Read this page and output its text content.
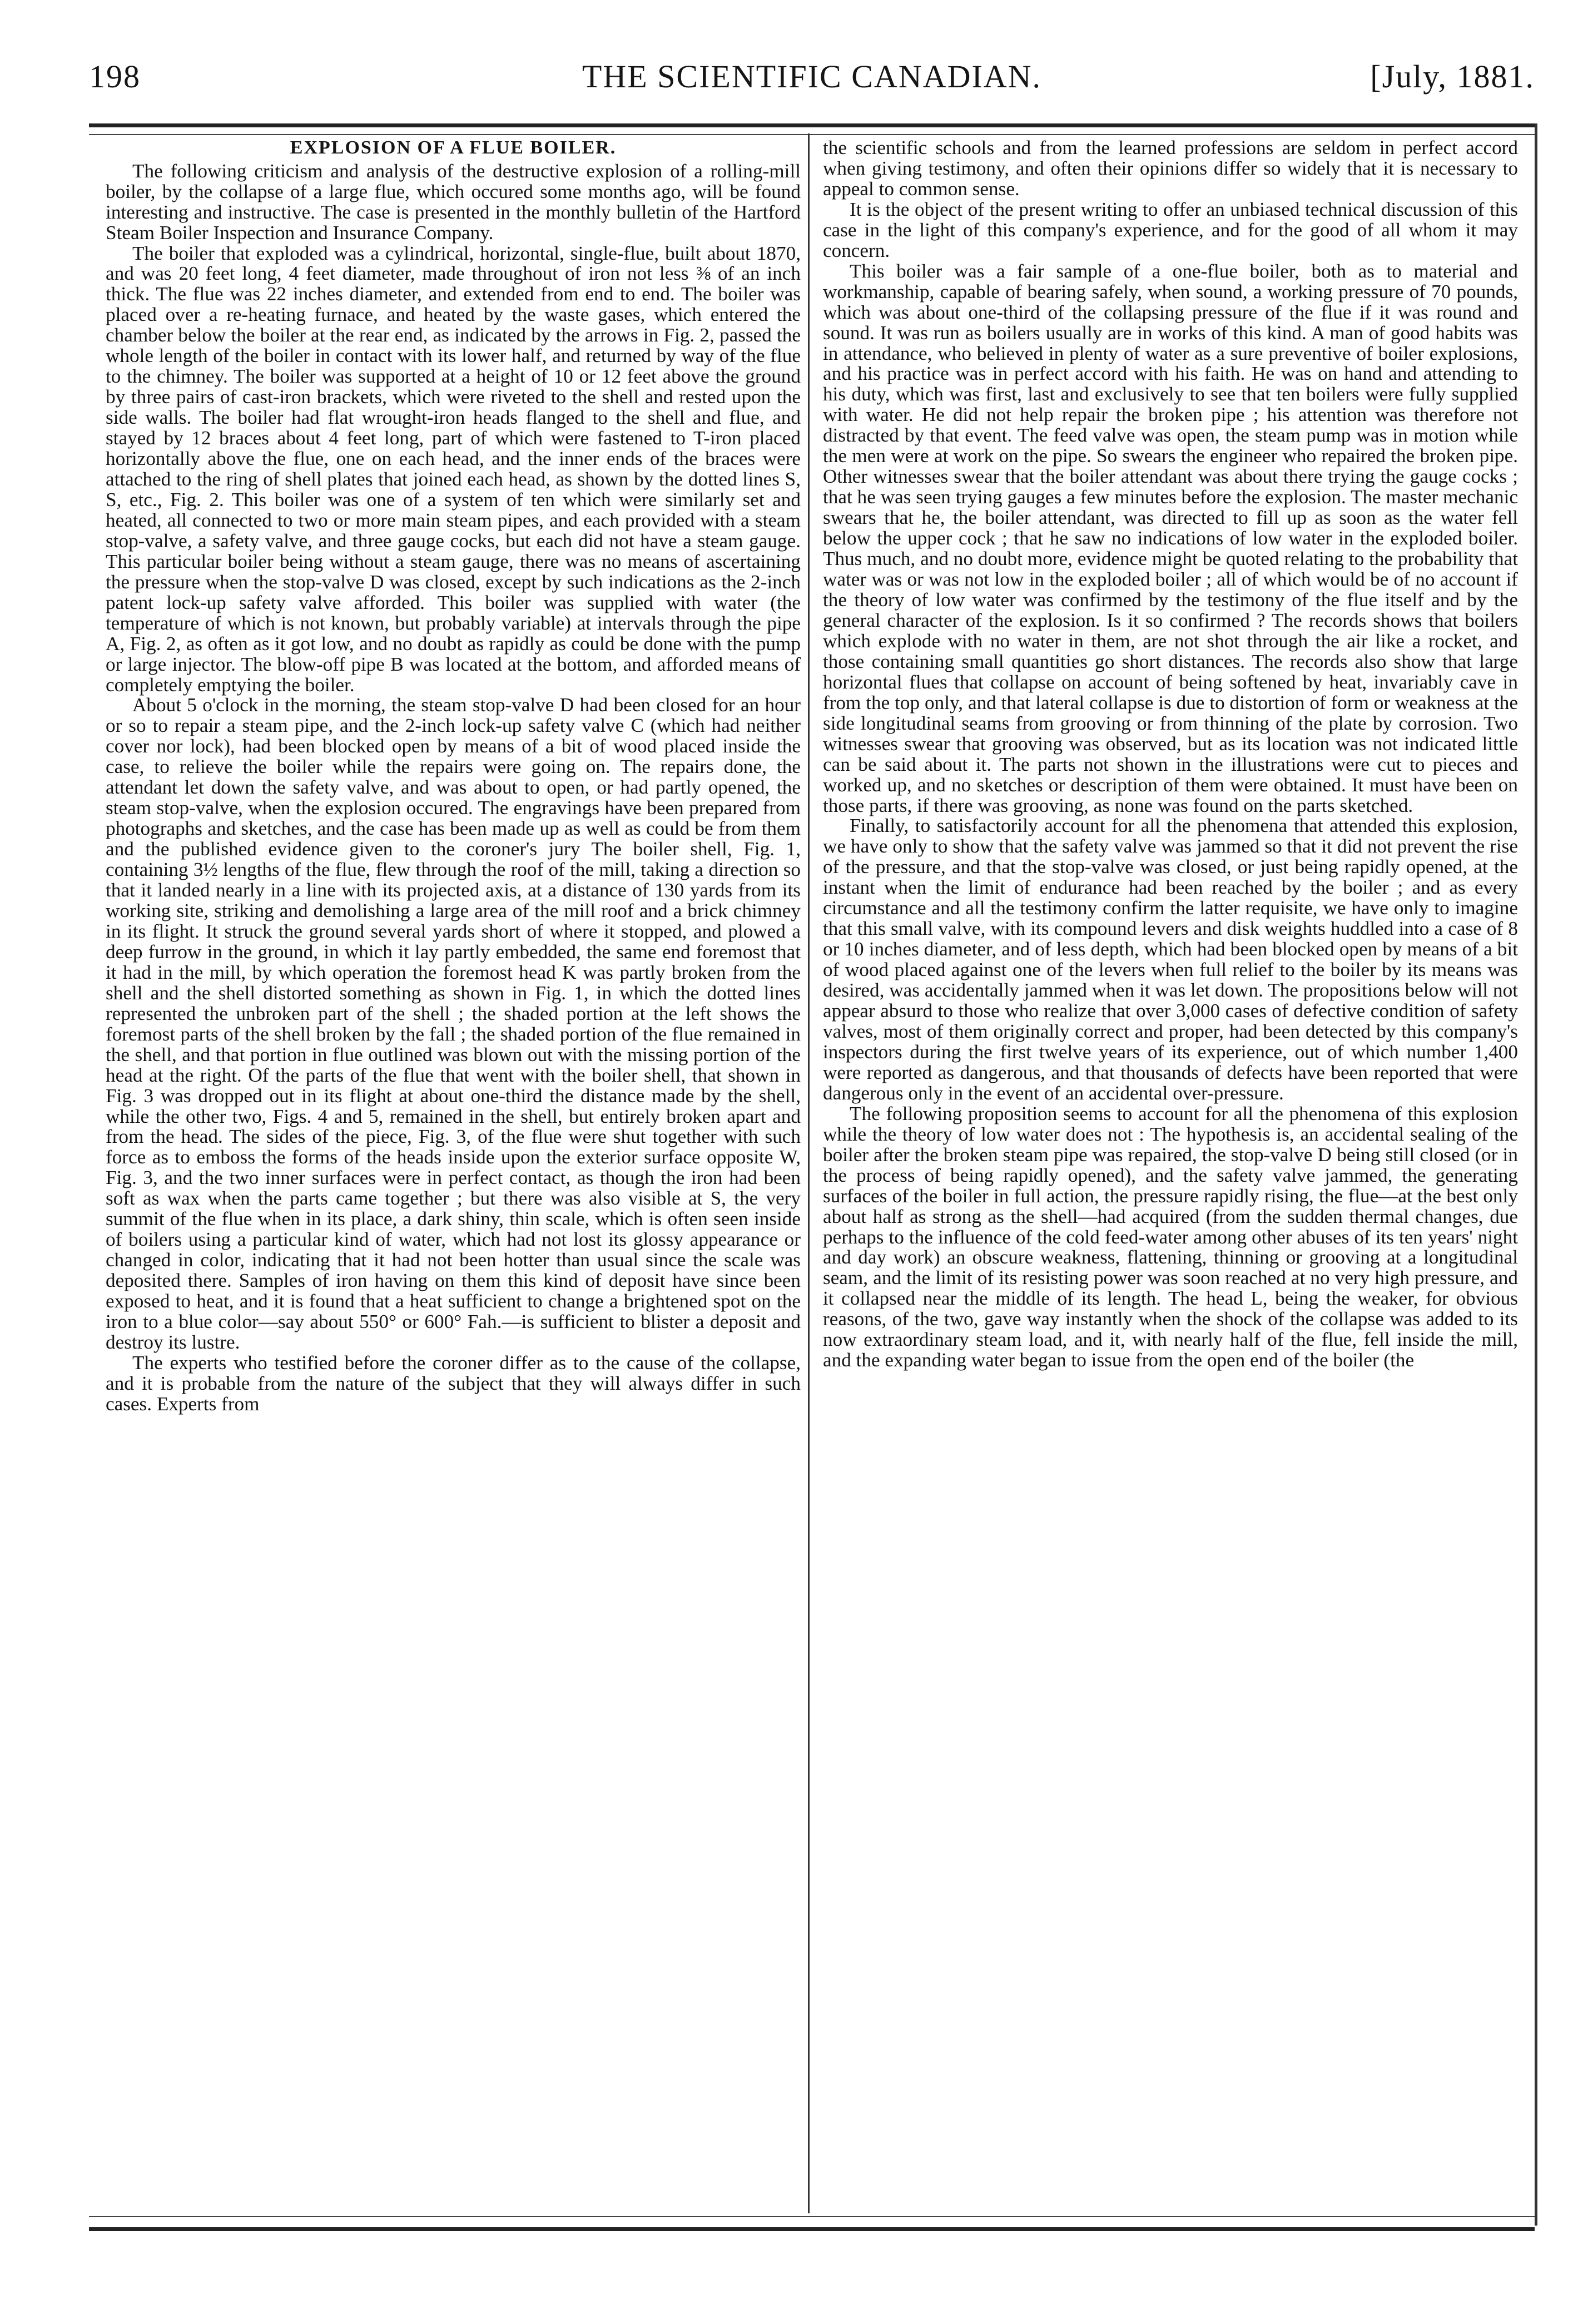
198	THE SCIENTIFIC CANADIAN.	[July, 1881.
EXPLOSION OF A FLUE BOILER.

The following criticism and analysis of the destructive explosion of a rolling-mill boiler, by the collapse of a large flue, which occured some months ago, will be found interesting and instructive. The case is presented in the monthly bulletin of the Hartford Steam Boiler Inspection and Insurance Company.

The boiler that exploded was a cylindrical, horizontal, single-flue, built about 1870, and was 20 feet long, 4 feet diameter, made throughout of iron not less ⅜ of an inch thick. The flue was 22 inches diameter, and extended from end to end. The boiler was placed over a re-heating furnace, and heated by the waste gases, which entered the chamber below the boiler at the rear end, as indicated by the arrows in Fig. 2, passed the whole length of the boiler in contact with its lower half, and returned by way of the flue to the chimney. The boiler was supported at a height of 10 or 12 feet above the ground by three pairs of cast-iron brackets, which were riveted to the shell and rested upon the side walls. The boiler had flat wrought-iron heads flanged to the shell and flue, and stayed by 12 braces about 4 feet long, part of which were fastened to T-iron placed horizontally above the flue, one on each head, and the inner ends of the braces were attached to the ring of shell plates that joined each head, as shown by the dotted lines S, S, etc., Fig. 2. This boiler was one of a system of ten which were similarly set and heated, all connected to two or more main steam pipes, and each provided with a steam stop-valve, a safety valve, and three gauge cocks, but each did not have a steam gauge. This particular boiler being without a steam gauge, there was no means of ascertaining the pressure when the stop-valve D was closed, except by such indications as the 2-inch patent lock-up safety valve afforded. This boiler was supplied with water (the temperature of which is not known, but probably variable) at intervals through the pipe A, Fig. 2, as often as it got low, and no doubt as rapidly as could be done with the pump or large injector. The blow-off pipe B was located at the bottom, and afforded means of completely emptying the boiler.

About 5 o'clock in the morning, the steam stop-valve D had been closed for an hour or so to repair a steam pipe, and the 2-inch lock-up safety valve C (which had neither cover nor lock), had been blocked open by means of a bit of wood placed inside the case, to relieve the boiler while the repairs were going on. The repairs done, the attendant let down the safety valve, and was about to open, or had partly opened, the steam stop-valve, when the explosion occured. The engravings have been prepared from photographs and sketches, and the case has been made up as well as could be from them and the published evidence given to the coroner's jury The boiler shell, Fig. 1, containing 3½ lengths of the flue, flew through the roof of the mill, taking a direction so that it landed nearly in a line with its projected axis, at a distance of 130 yards from its working site, striking and demolishing a large area of the mill roof and a brick chimney in its flight. It struck the ground several yards short of where it stopped, and plowed a deep furrow in the ground, in which it lay partly embedded, the same end foremost that it had in the mill, by which operation the foremost head K was partly broken from the shell and the shell distorted something as shown in Fig. 1, in which the dotted lines represented the unbroken part of the shell ; the shaded portion at the left shows the foremost parts of the shell broken by the fall ; the shaded portion of the flue remained in the shell, and that portion in flue outlined was blown out with the missing portion of the head at the right. Of the parts of the flue that went with the boiler shell, that shown in Fig. 3 was dropped out in its flight at about one-third the distance made by the shell, while the other two, Figs. 4 and 5, remained in the shell, but entirely broken apart and from the head. The sides of the piece, Fig. 3, of the flue were shut together with such force as to emboss the forms of the heads inside upon the exterior surface opposite W, Fig. 3, and the two inner surfaces were in perfect contact, as though the iron had been soft as wax when the parts came together ; but there was also visible at S, the very summit of the flue when in its place, a dark shiny, thin scale, which is often seen inside of boilers using a particular kind of water, which had not lost its glossy appearance or changed in color, indicating that it had not been hotter than usual since the scale was deposited there. Samples of iron having on them this kind of deposit have since been exposed to heat, and it is found that a heat sufficient to change a brightened spot on the iron to a blue color—say about 550° or 600° Fah.—is sufficient to blister a deposit and destroy its lustre.

The experts who testified before the coroner differ as to the cause of the collapse, and it is probable from the nature of the subject that they will always differ in such cases. Experts from

the scientific schools and from the learned professions are seldom in perfect accord when giving testimony, and often their opinions differ so widely that it is necessary to appeal to common sense.

It is the object of the present writing to offer an unbiased technical discussion of this case in the light of this company's experience, and for the good of all whom it may concern.

This boiler was a fair sample of a one-flue boiler, both as to material and workmanship, capable of bearing safely, when sound, a working pressure of 70 pounds, which was about one-third of the collapsing pressure of the flue if it was round and sound. It was run as boilers usually are in works of this kind. A man of good habits was in attendance, who believed in plenty of water as a sure preventive of boiler explosions, and his practice was in perfect accord with his faith. He was on hand and attending to his duty, which was first, last and exclusively to see that ten boilers were fully supplied with water. He did not help repair the broken pipe ; his attention was therefore not distracted by that event. The feed valve was open, the steam pump was in motion while the men were at work on the pipe. So swears the engineer who repaired the broken pipe. Other witnesses swear that the boiler attendant was about there trying the gauge cocks ; that he was seen trying gauges a few minutes before the explosion. The master mechanic swears that he, the boiler attendant, was directed to fill up as soon as the water fell below the upper cock ; that he saw no indications of low water in the exploded boiler. Thus much, and no doubt more, evidence might be quoted relating to the probability that water was or was not low in the exploded boiler ; all of which would be of no account if the theory of low water was confirmed by the testimony of the flue itself and by the general character of the explosion. Is it so confirmed ? The records shows that boilers which explode with no water in them, are not shot through the air like a rocket, and those containing small quantities go short distances. The records also show that large horizontal flues that collapse on account of being softened by heat, invariably cave in from the top only, and that lateral collapse is due to distortion of form or weakness at the side longitudinal seams from grooving or from thinning of the plate by corrosion. Two witnesses swear that grooving was observed, but as its location was not indicated little can be said about it. The parts not shown in the illustrations were cut to pieces and worked up, and no sketches or description of them were obtained. It must have been on those parts, if there was grooving, as none was found on the parts sketched.

Finally, to satisfactorily account for all the phenomena that attended this explosion, we have only to show that the safety valve was jammed so that it did not prevent the rise of the pressure, and that the stop-valve was closed, or just being rapidly opened, at the instant when the limit of endurance had been reached by the boiler ; and as every circumstance and all the testimony confirm the latter requisite, we have only to imagine that this small valve, with its compound levers and disk weights huddled into a case of 8 or 10 inches diameter, and of less depth, which had been blocked open by means of a bit of wood placed against one of the levers when full relief to the boiler by its means was desired, was accidentally jammed when it was let down. The propositions below will not appear absurd to those who realize that over 3,000 cases of defective condition of safety valves, most of them originally correct and proper, had been detected by this company's inspectors during the first twelve years of its experience, out of which number 1,400 were reported as dangerous, and that thousands of defects have been reported that were dangerous only in the event of an accidental over-pressure.

The following proposition seems to account for all the phenomena of this explosion while the theory of low water does not : The hypothesis is, an accidental sealing of the boiler after the broken steam pipe was repaired, the stop-valve D being still closed (or in the process of being rapidly opened), and the safety valve jammed, the generating surfaces of the boiler in full action, the pressure rapidly rising, the flue—at the best only about half as strong as the shell—had acquired (from the sudden thermal changes, due perhaps to the influence of the cold feed-water among other abuses of its ten years' night and day work) an obscure weakness, flattening, thinning or grooving at a longitudinal seam, and the limit of its resisting power was soon reached at no very high pressure, and it collapsed near the middle of its length. The head L, being the weaker, for obvious reasons, of the two, gave way instantly when the shock of the collapse was added to its now extraordinary steam load, and it, with nearly half of the flue, fell inside the mill, and the expanding water began to issue from the open end of the boiler (the
